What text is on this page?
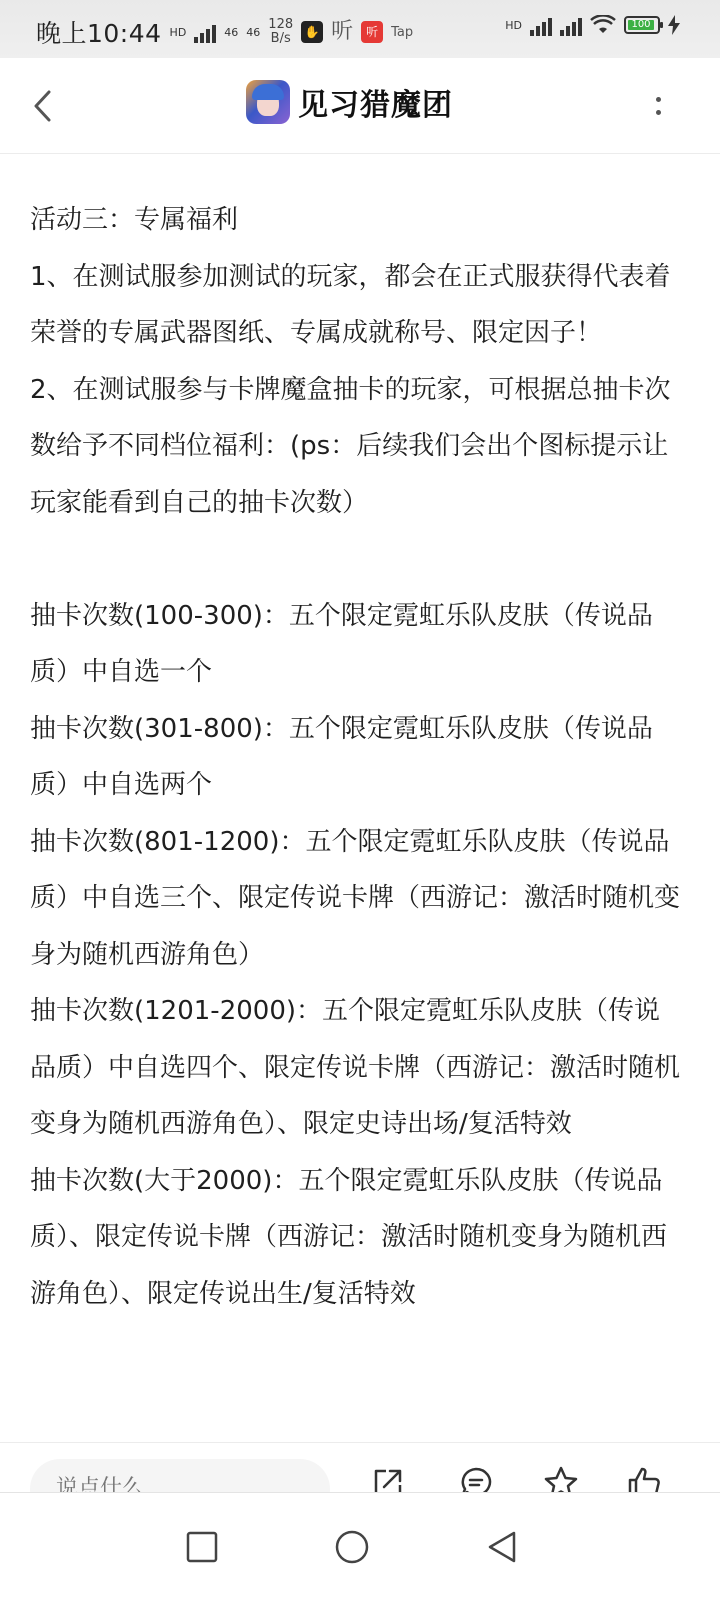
晚上10:44 HD	46 46 128
B/s ✋ 听	听	Tap	HD	100
见习猎魔团

活动三：专属福利

1、在测试服参加测试的玩家，都会在正式服获得代表着荣誉的专属武器图纸、专属成就称号、限定因子！

2、在测试服参与卡牌魔盒抽卡的玩家，可根据总抽卡次数给予不同档位福利：(ps：后续我们会出个图标提示让玩家能看到自己的抽卡次数）

抽卡次数(100-300)：五个限定霓虹乐队皮肤（传说品质）中自选一个

抽卡次数(301-800)：五个限定霓虹乐队皮肤（传说品质）中自选两个

抽卡次数(801-1200)：五个限定霓虹乐队皮肤（传说品质）中自选三个、限定传说卡牌（西游记：激活时随机变身为随机西游角色）

抽卡次数(1201-2000)：五个限定霓虹乐队皮肤（传说品质）中自选四个、限定传说卡牌（西游记：激活时随机变身为随机西游角色）、限定史诗出场/复活特效

抽卡次数(大于2000)：五个限定霓虹乐队皮肤（传说品质）、限定传说卡牌（西游记：激活时随机变身为随机西游角色）、限定传说出生/复活特效

说点什么
